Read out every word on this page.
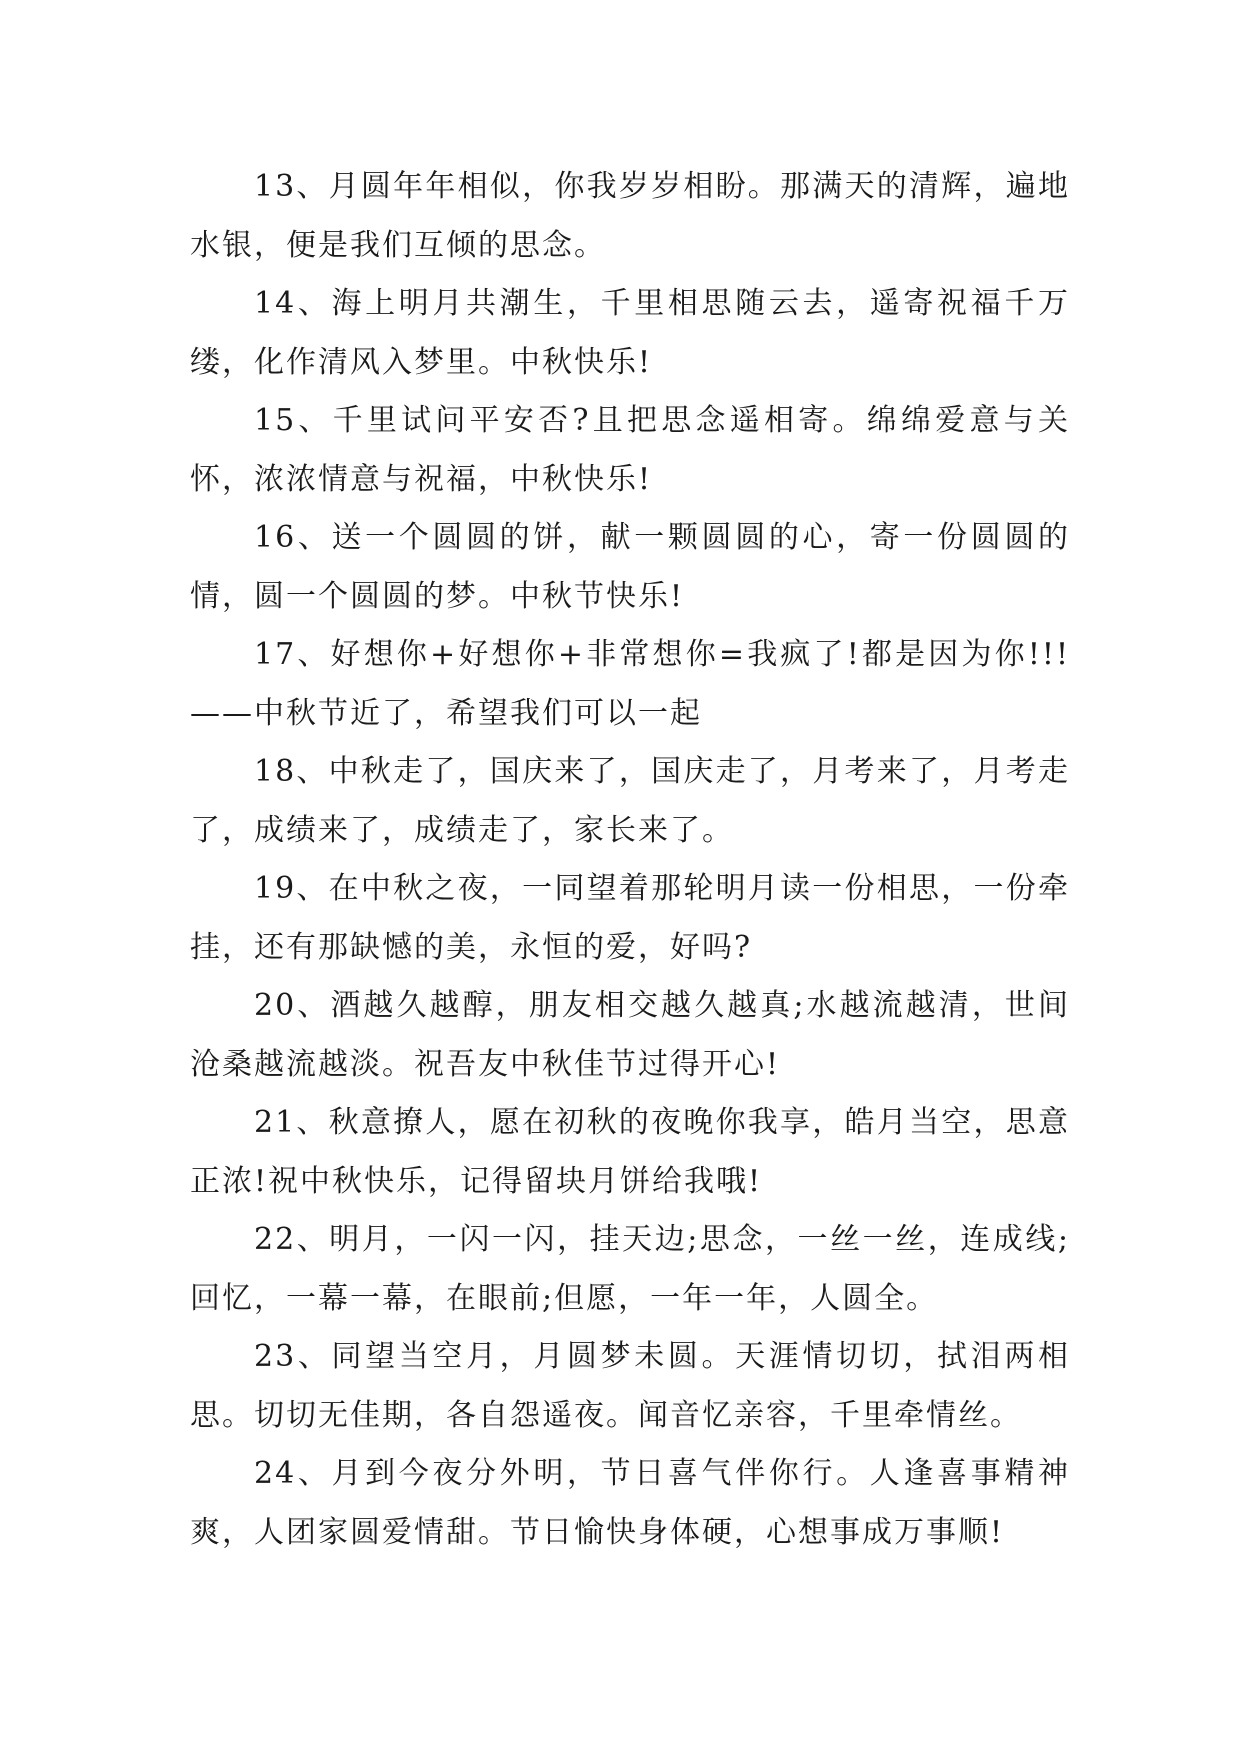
13、月圆年年相似，你我岁岁相盼。那满天的清辉，遍地水银，便是我们互倾的思念。

14、海上明月共潮生，千里相思随云去，遥寄祝福千万缕，化作清风入梦里。中秋快乐!

15、千里试问平安否?且把思念遥相寄。绵绵爱意与关怀，浓浓情意与祝福，中秋快乐!

16、送一个圆圆的饼，献一颗圆圆的心，寄一份圆圆的情，圆一个圆圆的梦。中秋节快乐!

17、好想你+好想你+非常想你=我疯了!都是因为你!!!——中秋节近了，希望我们可以一起

18、中秋走了，国庆来了，国庆走了，月考来了，月考走了，成绩来了，成绩走了，家长来了。

19、在中秋之夜，一同望着那轮明月读一份相思，一份牵挂，还有那缺憾的美，永恒的爱，好吗?

20、酒越久越醇，朋友相交越久越真;水越流越清，世间沧桑越流越淡。祝吾友中秋佳节过得开心!

21、秋意撩人，愿在初秋的夜晚你我享，皓月当空，思意正浓!祝中秋快乐，记得留块月饼给我哦!

22、明月，一闪一闪，挂天边;思念，一丝一丝，连成线;回忆，一幕一幕，在眼前;但愿，一年一年，人圆全。

23、同望当空月，月圆梦未圆。天涯情切切，拭泪两相思。切切无佳期，各自怨遥夜。闻音忆亲容，千里牵情丝。

24、月到今夜分外明，节日喜气伴你行。人逢喜事精神爽，人团家圆爱情甜。节日愉快身体硬，心想事成万事顺!
